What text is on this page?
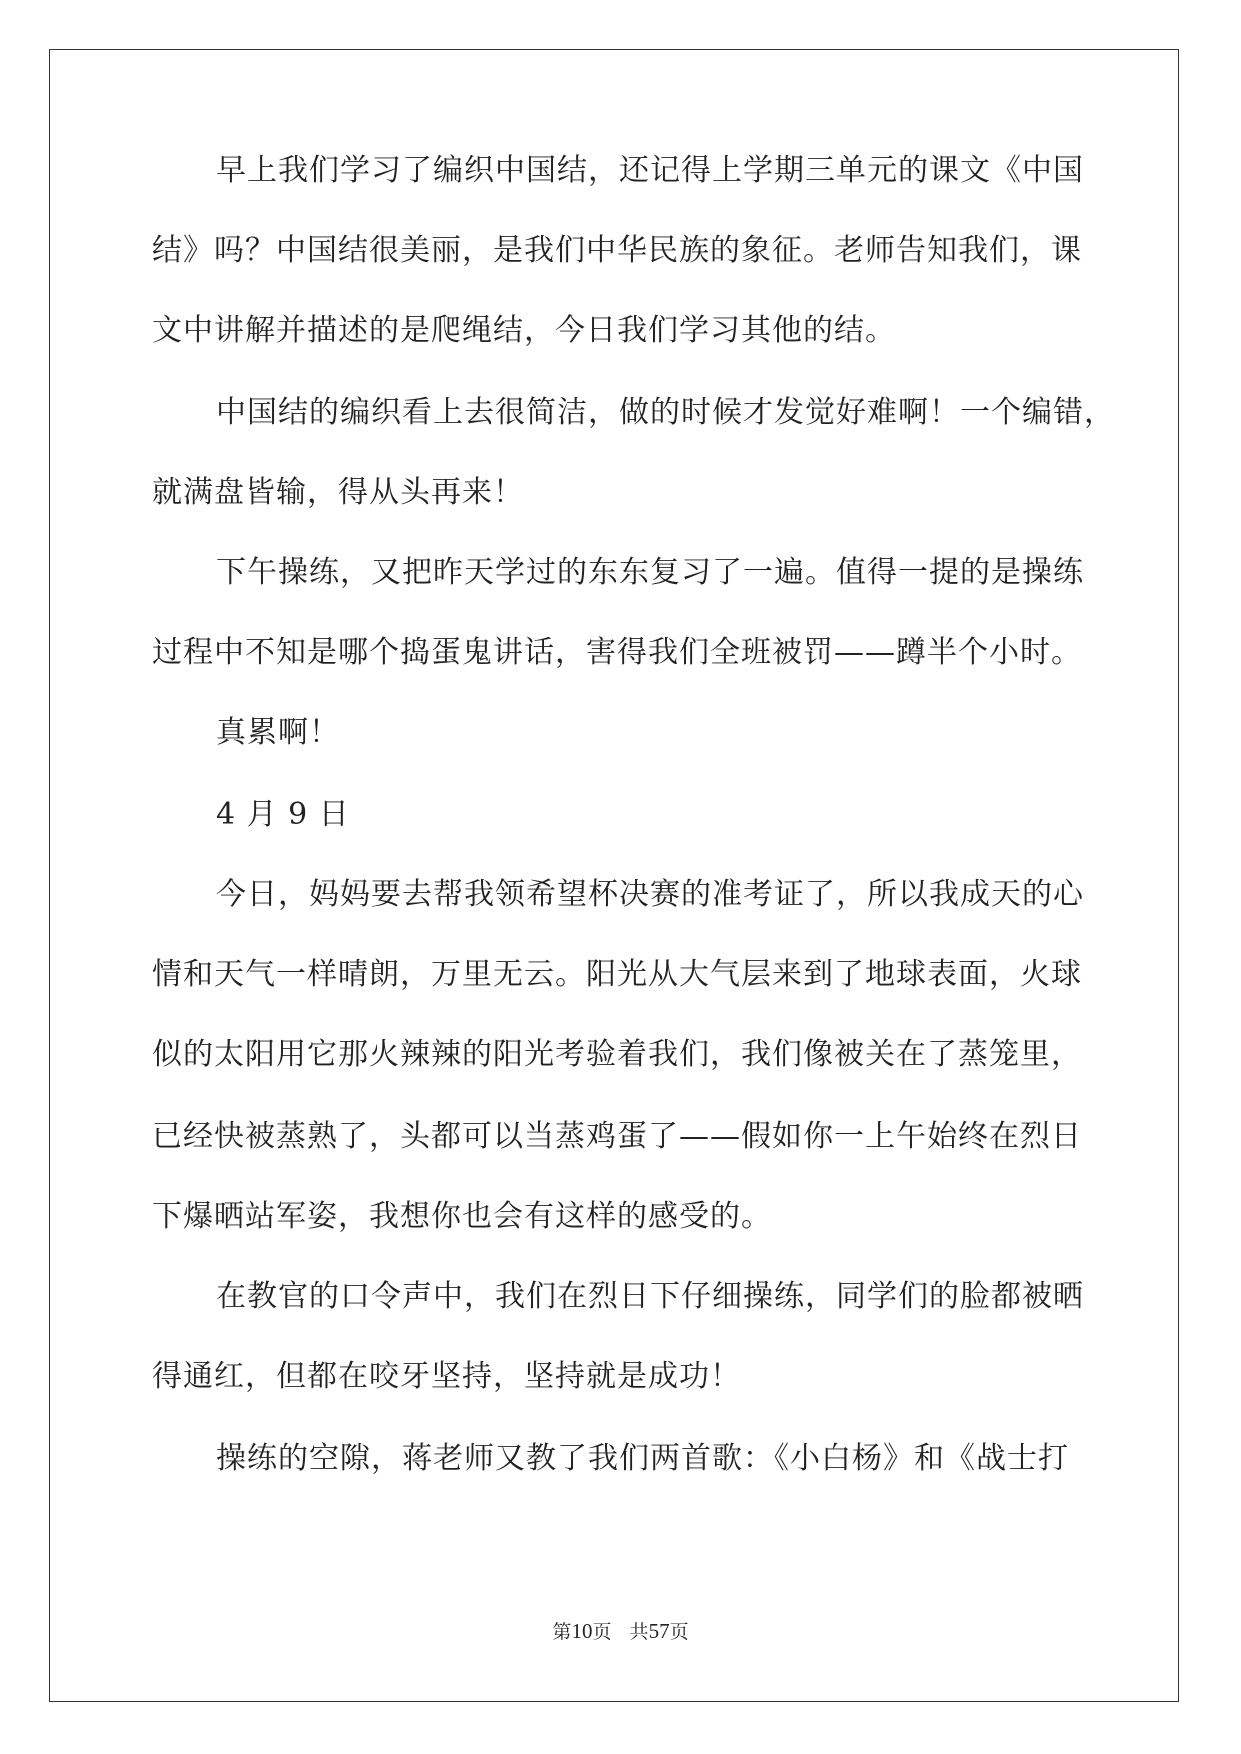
早上我们学习了编织中国结，还记得上学期三单元的课文《中国
结》吗？中国结很美丽，是我们中华民族的象征。老师告知我们，课
文中讲解并描述的是爬绳结，今日我们学习其他的结。
中国结的编织看上去很简洁，做的时候才发觉好难啊！一个编错，
就满盘皆输，得从头再来！
下午操练，又把昨天学过的东东复习了一遍。值得一提的是操练
过程中不知是哪个捣蛋鬼讲话，害得我们全班被罚——蹲半个小时。
真累啊！
4 月 9 日
今日，妈妈要去帮我领希望杯决赛的准考证了，所以我成天的心
情和天气一样晴朗，万里无云。阳光从大气层来到了地球表面，火球
似的太阳用它那火辣辣的阳光考验着我们，我们像被关在了蒸笼里，
已经快被蒸熟了，头都可以当蒸鸡蛋了——假如你一上午始终在烈日
下爆晒站军姿，我想你也会有这样的感受的。
在教官的口令声中，我们在烈日下仔细操练，同学们的脸都被晒
得通红，但都在咬牙坚持，坚持就是成功！
操练的空隙，蒋老师又教了我们两首歌：《小白杨》和《战士打
第10页   共57页
